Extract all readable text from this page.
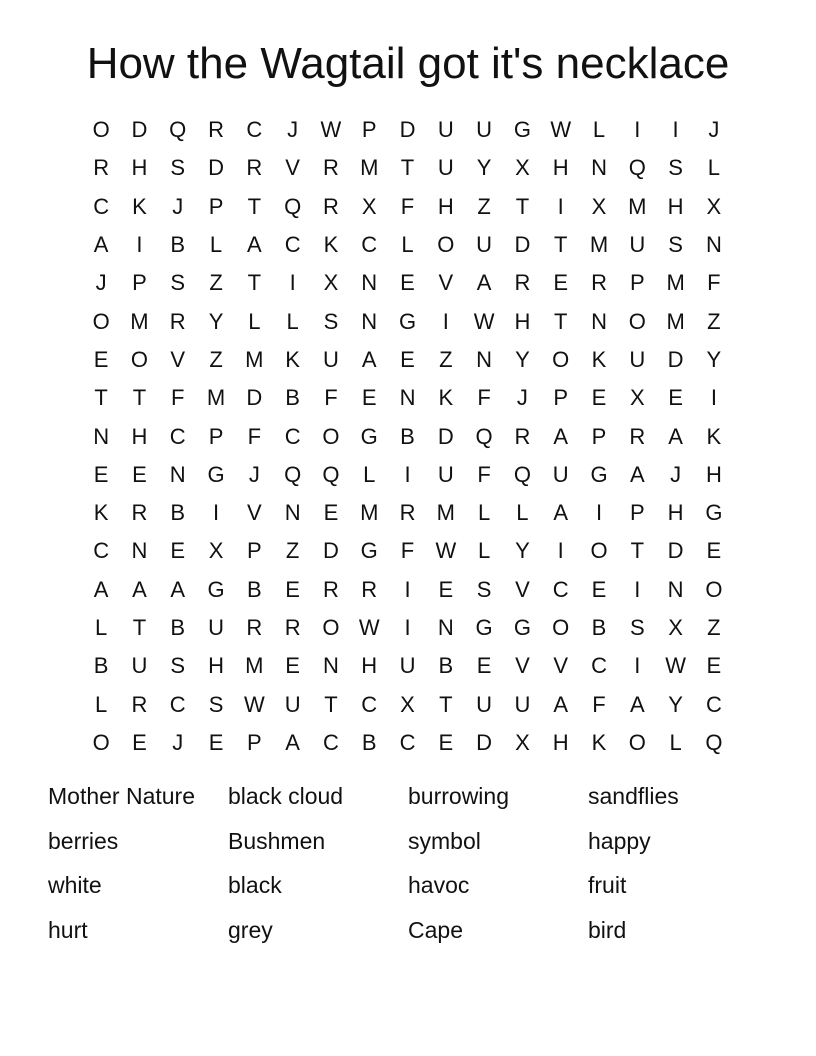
How the Wagtail got it's necklace
O D Q R	C	J	W P	D	U	U G W L	I	I	J
R	H	S	D	R	V	R M	T	U	Y	X	H	N Q	S	L
C	K	J	P	T	Q R	X	F	H	Z	T	I	X M H	X
A	I	B	L	A	C	K	C	L	O U	D	T	M U	S	N
J	P	S	Z	T	I	X	N	E	V	A	R	E	R	P M	F
O M R	Y	L	L	S	N G	I	W H	T	N O M	Z
E	O	V	Z	M K	U	A	E	Z	N	Y	O	K	U	D	Y
T	T	F	M D	B	F	E	N	K	F	J	P	E	X	E	I
N	H	C	P	F	C O G	B	D Q R	A	P	R	A	K
E	E	N G	J	Q Q	L	I	U	F	Q U G	A	J	H
K	R	B	I	V	N	E M R M	L	L	A	I	P	H G
C	N	E	X	P	Z	D G	F W L	Y	I	O	T	D	E
A	A	A	G	B	E	R	R	I	E	S	V	C	E	I	N O
L	T	B	U	R	R O W	I	N G G O	B	S	X	Z
B	U	S	H M E	N	H	U	B	E	V	V	C	I	W E
L	R	C	S W U	T	C	X	T	U	U	A	F	A	Y	C
O	E	J	E	P	A	C	B	C	E	D	X	H	K	O	L	Q
Mother Nature	black cloud	burrowing	sandflies
berries	Bushmen	symbol	happy
white	black	havoc	fruit
hurt	grey	Cape	bird
